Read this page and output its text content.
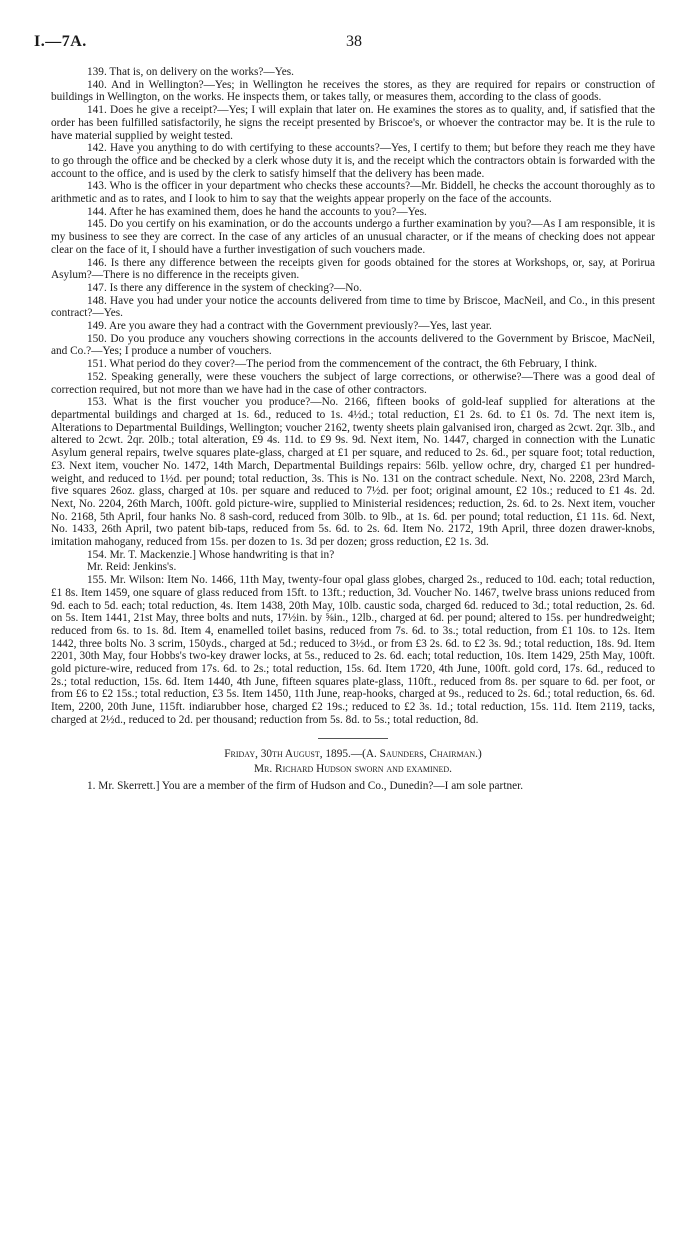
I.—7A.	38

139. That is, on delivery on the works?—Yes.

140. And in Wellington?—Yes; in Wellington he receives the stores, as they are required for repairs or construction of buildings in Wellington, on the works. He inspects them, or takes tally, or measures them, according to the class of goods.

141. Does he give a receipt?—Yes; I will explain that later on. He examines the stores as to quality, and, if satisfied that the order has been fulfilled satisfactorily, he signs the receipt presented by Briscoe's, or whoever the contractor may be. It is the rule to have material supplied by weight tested.

142. Have you anything to do with certifying to these accounts?—Yes, I certify to them; but before they reach me they have to go through the office and be checked by a clerk whose duty it is, and the receipt which the contractors obtain is forwarded with the account to the office, and is used by the clerk to satisfy himself that the delivery has been made.

143. Who is the officer in your department who checks these accounts?—Mr. Biddell, he checks the account thoroughly as to arithmetic and as to rates, and I look to him to say that the weights appear properly on the face of the accounts.

144. After he has examined them, does he hand the accounts to you?—Yes.

145. Do you certify on his examination, or do the accounts undergo a further examination by you?—As I am responsible, it is my business to see they are correct. In the case of any articles of an unusual character, or if the means of checking does not appear clear on the face of it, I should have a further investigation of such vouchers made.

146. Is there any difference between the receipts given for goods obtained for the stores at Workshops, or, say, at Porirua Asylum?—There is no difference in the receipts given.

147. Is there any difference in the system of checking?—No.

148. Have you had under your notice the accounts delivered from time to time by Briscoe, MacNeil, and Co., in this present contract?—Yes.

149. Are you aware they had a contract with the Government previously?—Yes, last year.

150. Do you produce any vouchers showing corrections in the accounts delivered to the Government by Briscoe, MacNeil, and Co.?—Yes; I produce a number of vouchers.

151. What period do they cover?—The period from the commencement of the contract, the 6th February, I think.

152. Speaking generally, were these vouchers the subject of large corrections, or otherwise?—There was a good deal of correction required, but not more than we have had in the case of other contractors.

153. What is the first voucher you produce?—No. 2166, fifteen books of gold-leaf supplied for alterations at the departmental buildings and charged at 1s. 6d., reduced to 1s. 4½d.; total reduction, £1 2s. 6d. to £1 0s. 7d. The next item is, Alterations to Departmental Buildings, Wellington; voucher 2162, twenty sheets plain galvanised iron, charged as 2cwt. 2qr. 3lb., and altered to 2cwt. 2qr. 20lb.; total alteration, £9 4s. 11d. to £9 9s. 9d. Next item, No. 1447, charged in connection with the Lunatic Asylum general repairs, twelve squares plate-glass, charged at £1 per square, and reduced to 2s. 6d., per square foot; total reduction, £3. Next item, voucher No. 1472, 14th March, Departmental Buildings repairs: 56lb. yellow ochre, dry, charged £1 per hundred-weight, and reduced to 1½d. per pound; total reduction, 3s. This is No. 131 on the contract schedule. Next, No. 2208, 23rd March, five squares 26oz. glass, charged at 10s. per square and reduced to 7½d. per foot; original amount, £2 10s.; reduced to £1 4s. 2d. Next, No. 2204, 26th March, 100ft. gold picture-wire, supplied to Ministerial residences; reduction, 2s. 6d. to 2s. Next item, voucher No. 2168, 5th April, four hanks No. 8 sash-cord, reduced from 30lb. to 9lb., at 1s. 6d. per pound; total reduction, £1 11s. 6d. Next, No. 1433, 26th April, two patent bib-taps, reduced from 5s. 6d. to 2s. 6d. Item No. 2172, 19th April, three dozen drawer-knobs, imitation mahogany, reduced from 15s. per dozen to 1s. 3d per dozen; gross reduction, £2 1s. 3d.

154. Mr. T. Mackenzie.] Whose handwriting is that in?

Mr. Reid: Jenkins's.

155. Mr. Wilson: Item No. 1466, 11th May, twenty-four opal glass globes, charged 2s., reduced to 10d. each; total reduction, £1 8s. Item 1459, one square of glass reduced from 15ft. to 13ft.; reduction, 3d. Voucher No. 1467, twelve brass unions reduced from 9d. each to 5d. each; total reduction, 4s. Item 1438, 20th May, 10lb. caustic soda, charged 6d. reduced to 3d.; total reduction, 2s. 6d. on 5s. Item 1441, 21st May, three bolts and nuts, 17½in. by ⅝in., 12lb., charged at 6d. per pound; altered to 15s. per hundredweight; reduced from 6s. to 1s. 8d. Item 4, enamelled toilet basins, reduced from 7s. 6d. to 3s.; total reduction, from £1 10s. to 12s. Item 1442, three bolts No. 3 scrim, 150yds., charged at 5d.; reduced to 3½d., or from £3 2s. 6d. to £2 3s. 9d.; total reduction, 18s. 9d. Item 2201, 30th May, four Hobbs's two-key drawer locks, at 5s., reduced to 2s. 6d. each; total reduction, 10s. Item 1429, 25th May, 100ft. gold picture-wire, reduced from 17s. 6d. to 2s.; total reduction, 15s. 6d. Item 1720, 4th June, 100ft. gold cord, 17s. 6d., reduced to 2s.; total reduction, 15s. 6d. Item 1440, 4th June, fifteen squares plate-glass, 110ft., reduced from 8s. per square to 6d. per foot, or from £6 to £2 15s.; total reduction, £3 5s. Item 1450, 11th June, reap-hooks, charged at 9s., reduced to 2s. 6d.; total reduction, 6s. 6d. Item, 2200, 20th June, 115ft. indiarubber hose, charged £2 19s.; reduced to £2 3s. 1d.; total reduction, 15s. 11d. Item 2119, tacks, charged at 2½d., reduced to 2d. per thousand; reduction from 5s. 8d. to 5s.; total reduction, 8d.

Friday, 30th August, 1895.—(A. Saunders, Chairman.)

Mr. Richard Hudson sworn and examined.

1. Mr. Skerrett.] You are a member of the firm of Hudson and Co., Dunedin?—I am sole partner.
